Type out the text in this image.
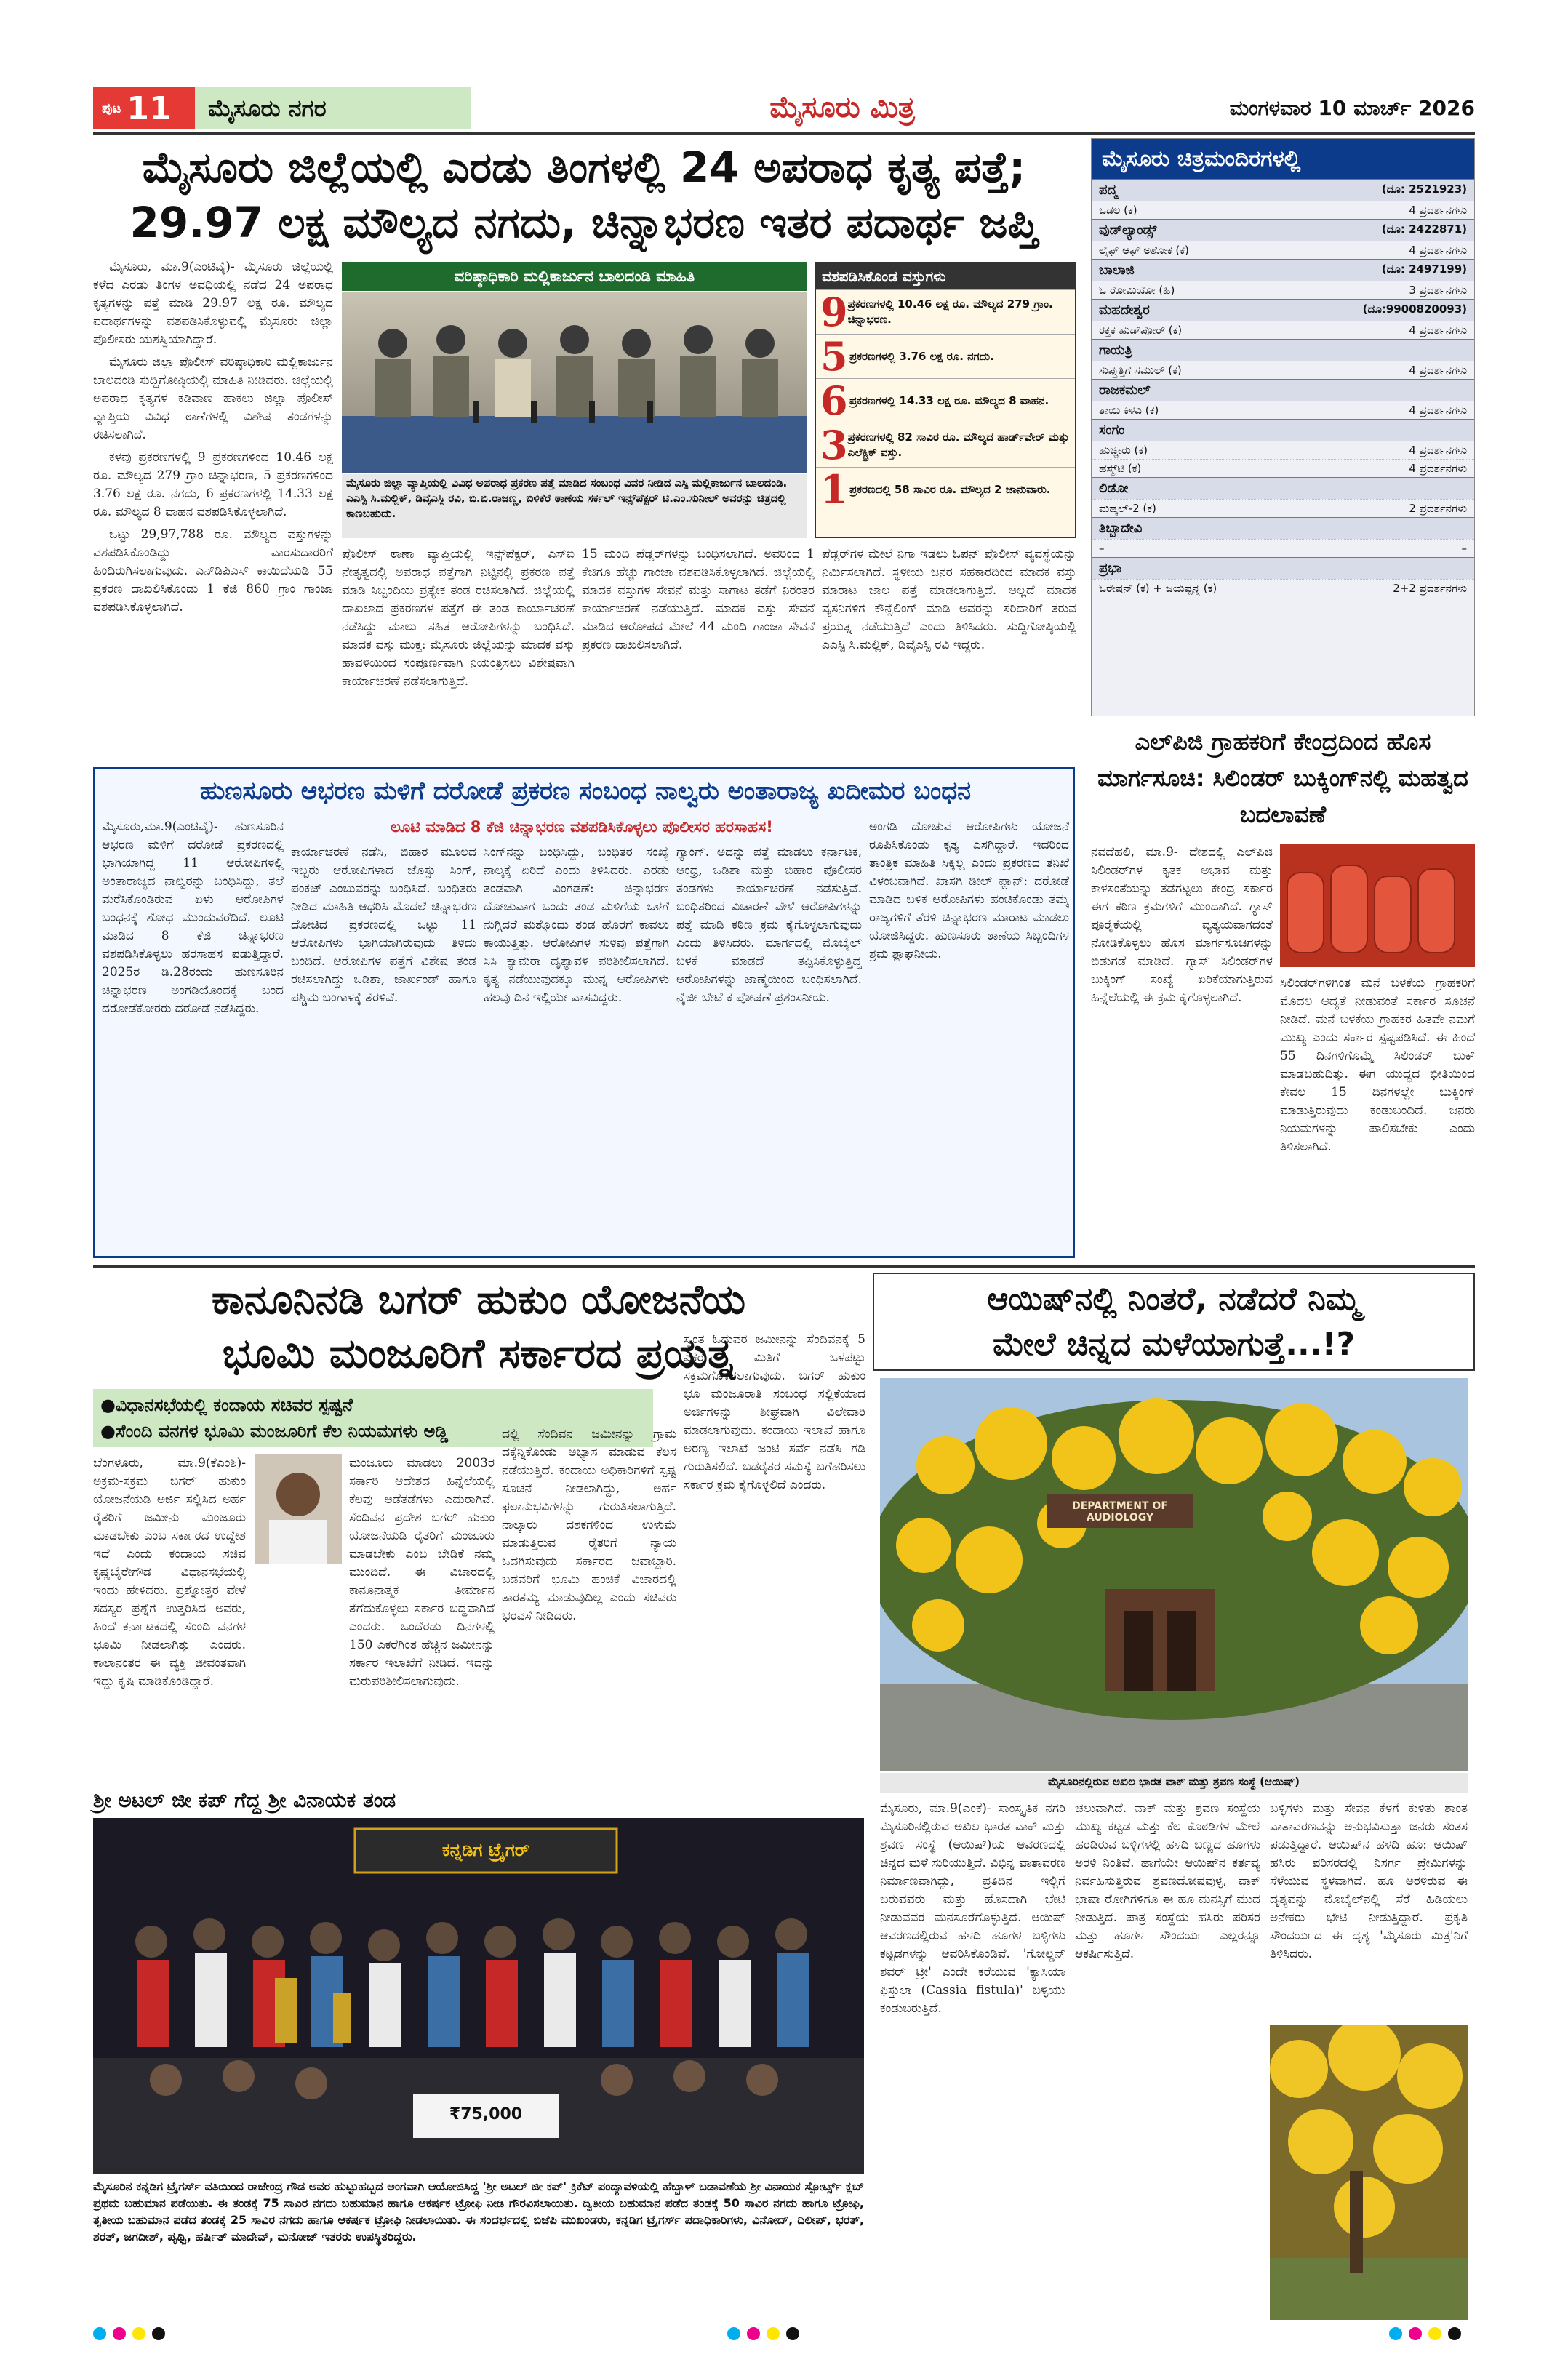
ಪುಟ 11 ಮೈಸೂರು ನಗರ	ಮೈಸೂರು ಮಿತ್ರ	ಮಂಗಳವಾರ 10 ಮಾರ್ಚ್ 2026
ಮೈಸೂರು ಜಿಲ್ಲೆಯಲ್ಲಿ ಎರಡು ತಿಂಗಳಲ್ಲಿ 24 ಅಪರಾಧ ಕೃತ್ಯ ಪತ್ತೆ;
29.97 ಲಕ್ಷ ಮೌಲ್ಯದ ನಗದು, ಚಿನ್ನಾಭರಣ ಇತರ ಪದಾರ್ಥ ಜಪ್ತಿ

ಮೈಸೂರು, ಮಾ.9(ಎಂಟಿವೈ)- ಮೈಸೂರು ಜಿಲ್ಲೆಯಲ್ಲಿ ಕಳೆದ ಎರಡು ತಿಂಗಳ ಅವಧಿಯಲ್ಲಿ ನಡೆದ 24 ಅಪರಾಧ ಕೃತ್ಯಗಳನ್ನು ಪತ್ತೆ ಮಾಡಿ 29.97 ಲಕ್ಷ ರೂ. ಮೌಲ್ಯದ ಪದಾರ್ಥಗಳನ್ನು ವಶಪಡಿಸಿಕೊಳ್ಳುವಲ್ಲಿ ಮೈಸೂರು ಜಿಲ್ಲಾ ಪೊಲೀಸರು ಯಶಸ್ವಿಯಾಗಿದ್ದಾರೆ.

ಮೈಸೂರು ಜಿಲ್ಲಾ ಪೊಲೀಸ್ ವರಿಷ್ಠಾಧಿಕಾರಿ ಮಲ್ಲಿಕಾರ್ಜುನ ಬಾಲದಂಡಿ ಸುದ್ದಿಗೋಷ್ಠಿಯಲ್ಲಿ ಮಾಹಿತಿ ನೀಡಿದರು. ಜಿಲ್ಲೆಯಲ್ಲಿ ಅಪರಾಧ ಕೃತ್ಯಗಳ ಕಡಿವಾಣ ಹಾಕಲು ಜಿಲ್ಲಾ ಪೊಲೀಸ್ ವ್ಯಾಪ್ತಿಯ ವಿವಿಧ ಠಾಣೆಗಳಲ್ಲಿ ವಿಶೇಷ ತಂಡಗಳನ್ನು ರಚಿಸಲಾಗಿದೆ.

ಕಳವು ಪ್ರಕರಣಗಳಲ್ಲಿ 9 ಪ್ರಕರಣಗಳಿಂದ 10.46 ಲಕ್ಷ ರೂ. ಮೌಲ್ಯದ 279 ಗ್ರಾಂ ಚಿನ್ನಾಭರಣ, 5 ಪ್ರಕರಣಗಳಿಂದ 3.76 ಲಕ್ಷ ರೂ. ನಗದು, 6 ಪ್ರಕರಣಗಳಲ್ಲಿ 14.33 ಲಕ್ಷ ರೂ. ಮೌಲ್ಯದ 8 ವಾಹನ ವಶಪಡಿಸಿಕೊಳ್ಳಲಾಗಿದೆ.

ಒಟ್ಟು 29,97,788 ರೂ. ಮೌಲ್ಯದ ವಸ್ತುಗಳನ್ನು ವಶಪಡಿಸಿಕೊಂಡಿದ್ದು ವಾರಸುದಾರರಿಗೆ ಹಿಂದಿರುಗಿಸಲಾಗುವುದು. ಎನ್‌ಡಿಪಿಎಸ್ ಕಾಯಿದೆಯಡಿ 55 ಪ್ರಕರಣ ದಾಖಲಿಸಿಕೊಂಡು 1 ಕೆಜಿ 860 ಗ್ರಾಂ ಗಾಂಜಾ ವಶಪಡಿಸಿಕೊಳ್ಳಲಾಗಿದೆ.

ವರಿಷ್ಠಾಧಿಕಾರಿ ಮಲ್ಲಿಕಾರ್ಜುನ ಬಾಲದಂಡಿ ಮಾಹಿತಿ
ಮೈಸೂರು ಜಿಲ್ಲಾ ವ್ಯಾಪ್ತಿಯಲ್ಲಿ ವಿವಿಧ ಅಪರಾಧ ಪ್ರಕರಣ ಪತ್ತೆ ಮಾಡಿದ ಸಂಬಂಧ ವಿವರ ನೀಡಿದ ಎಸ್ಪಿ ಮಲ್ಲಿಕಾರ್ಜುನ ಬಾಲದಂಡಿ. ಎಎಸ್ಪಿ ಸಿ.ಮಲ್ಲಿಕ್, ಡಿವೈಎಸ್ಪಿ ರವಿ, ಬಿ.ಬಿ.ರಾಜಣ್ಣ, ಬಿಳಿಕೆರೆ ಠಾಣೆಯ ಸರ್ಕಲ್ ಇನ್ಸ್‌ಪೆಕ್ಟರ್ ಟಿ.ಎಂ.ಸುನೀಲ್ ಅವರನ್ನು ಚಿತ್ರದಲ್ಲಿ ಕಾಣಬಹುದು.
ವಶಪಡಿಸಿಕೊಂಡ ವಸ್ತುಗಳು
9 ಪ್ರಕರಣಗಳಲ್ಲಿ 10.46 ಲಕ್ಷ ರೂ. ಮೌಲ್ಯದ 279 ಗ್ರಾಂ. ಚಿನ್ನಾಭರಣ.
5 ಪ್ರಕರಣಗಳಲ್ಲಿ 3.76 ಲಕ್ಷ ರೂ. ನಗದು.
6 ಪ್ರಕರಣಗಳಲ್ಲಿ 14.33 ಲಕ್ಷ ರೂ. ಮೌಲ್ಯದ 8 ವಾಹನ.
3 ಪ್ರಕರಣಗಳಲ್ಲಿ 82 ಸಾವಿರ ರೂ. ಮೌಲ್ಯದ ಹಾರ್ಡ್‌ವೇರ್ ಮತ್ತು ಎಲೆಕ್ಟ್ರಿಕ್ ವಸ್ತು.
1 ಪ್ರಕರಣದಲ್ಲಿ 58 ಸಾವಿರ ರೂ. ಮೌಲ್ಯದ 2 ಜಾನುವಾರು.
ಪೊಲೀಸ್ ಠಾಣಾ ವ್ಯಾಪ್ತಿಯಲ್ಲಿ ಇನ್ಸ್‌ಪೆಕ್ಟರ್, ಎಸ್‌ಐ ನೇತೃತ್ವದಲ್ಲಿ ಅಪರಾಧ ಪತ್ತೆಗಾಗಿ ನಿಟ್ಟಿನಲ್ಲಿ ಪ್ರಕರಣ ಪತ್ತೆ ಮಾಡಿ ಸಿಬ್ಬಂದಿಯ ಪ್ರತ್ಯೇಕ ತಂಡ ರಚಿಸಲಾಗಿದೆ. ಜಿಲ್ಲೆಯಲ್ಲಿ ದಾಖಲಾದ ಪ್ರಕರಣಗಳ ಪತ್ತೆಗೆ ಈ ತಂಡ ಕಾರ್ಯಾಚರಣೆ ನಡೆಸಿದ್ದು ಮಾಲು ಸಹಿತ ಆರೋಪಿಗಳನ್ನು ಬಂಧಿಸಿದೆ. ಮಾದಕ ವಸ್ತು ಮುಕ್ತ: ಮೈಸೂರು ಜಿಲ್ಲೆಯನ್ನು ಮಾದಕ ವಸ್ತು ಹಾವಳಿಯಿಂದ ಸಂಪೂರ್ಣವಾಗಿ ನಿಯಂತ್ರಿಸಲು ವಿಶೇಷವಾಗಿ ಕಾರ್ಯಾಚರಣೆ ನಡೆಸಲಾಗುತ್ತಿದೆ.
15 ಮಂದಿ ಪೆಡ್ಲರ್‌ಗಳನ್ನು ಬಂಧಿಸಲಾಗಿದೆ. ಅವರಿಂದ 1 ಕೆಜಿಗೂ ಹೆಚ್ಚು ಗಾಂಜಾ ವಶಪಡಿಸಿಕೊಳ್ಳಲಾಗಿದೆ. ಜಿಲ್ಲೆಯಲ್ಲಿ ಮಾದಕ ವಸ್ತುಗಳ ಸೇವನೆ ಮತ್ತು ಸಾಗಾಟ ತಡೆಗೆ ನಿರಂತರ ಕಾರ್ಯಾಚರಣೆ ನಡೆಯುತ್ತಿದೆ. ಮಾದಕ ವಸ್ತು ಸೇವನೆ ಮಾಡಿದ ಆರೋಪದ ಮೇಲೆ 44 ಮಂದಿ ಗಾಂಜಾ ಸೇವನೆ ಪ್ರಕರಣ ದಾಖಲಿಸಲಾಗಿದೆ.
ಪೆಡ್ಲರ್‌ಗಳ ಮೇಲೆ ನಿಗಾ ಇಡಲು ಓಪನ್ ಪೊಲೀಸ್ ವ್ಯವಸ್ಥೆಯನ್ನು ನಿರ್ಮಿಸಲಾಗಿದೆ. ಸ್ಥಳೀಯ ಜನರ ಸಹಕಾರದಿಂದ ಮಾದಕ ವಸ್ತು ಮಾರಾಟ ಜಾಲ ಪತ್ತೆ ಮಾಡಲಾಗುತ್ತಿದೆ. ಅಲ್ಲದೆ ಮಾದಕ ವ್ಯಸನಿಗಳಿಗೆ ಕೌನ್ಸೆಲಿಂಗ್ ಮಾಡಿ ಅವರನ್ನು ಸರಿದಾರಿಗೆ ತರುವ ಪ್ರಯತ್ನ ನಡೆಯುತ್ತಿದೆ ಎಂದು ತಿಳಿಸಿದರು. ಸುದ್ದಿಗೋಷ್ಠಿಯಲ್ಲಿ ಎಎಸ್ಪಿ ಸಿ.ಮಲ್ಲಿಕ್, ಡಿವೈಎಸ್ಪಿ ರವಿ ಇದ್ದರು.
ಮೈಸೂರು ಚಿತ್ರಮಂದಿರಗಳಲ್ಲಿ
ಪದ್ಮ	(ದೂ: 2521923)
ಒಡಲ (ಕ)	4 ಪ್ರದರ್ಶನಗಳು
ವುಡ್‌ಲ್ಯಾಂಡ್ಸ್	(ದೂ: 2422871)
ಲೈಫ್ ಆಫ್ ಅಶೋಕ (ಕ)	4 ಪ್ರದರ್ಶನಗಳು
ಬಾಲಾಜಿ	(ದೂ: 2497199)
ಓ ರೋಮಿಯೋ (ಹಿ)	3 ಪ್ರದರ್ಶನಗಳು
ಮಹದೇಶ್ವರ	(ದೂ:9900820093)
ರಕ್ತಕ ಹುಡ್‌ಪೋರ್ (ಕ)	4 ಪ್ರದರ್ಶನಗಳು
ಗಾಯತ್ರಿ
ಸುಪ್ತುತ್ತಿಗೆ ಸಮುಲ್ (ಕ)	4 ಪ್ರದರ್ಶನಗಳು
ರಾಜಕಮಲ್
ತಾಯಿ ಕಿಳವಿ (ಕ)	4 ಪ್ರದರ್ಶನಗಳು
ಸಂಗಂ
ಹುಚ್ಚೀರು (ಕ)	4 ಪ್ರದರ್ಶನಗಳು
ಹಸ್ಮ್‌ಟಿ (ಕ)	4 ಪ್ರದರ್ಶನಗಳು
ಲಿಡೋ
ಮಹ್ಕಲ್-2 (ಕ)	2 ಪ್ರದರ್ಶನಗಳು
ತಿಬ್ಬಾದೇವಿ
–	–
ಪ್ರಭಾ
ಓರೇಷನ್ (ಕ) + ಜಯಪ್ಪನ್ನ (ಕ)	2+2 ಪ್ರದರ್ಶನಗಳು
ಎಲ್‌ಪಿಜಿ ಗ್ರಾಹಕರಿಗೆ ಕೇಂದ್ರದಿಂದ ಹೊಸ ಮಾರ್ಗಸೂಚಿ: ಸಿಲಿಂಡರ್ ಬುಕ್ಕಿಂಗ್‌ನಲ್ಲಿ ಮಹತ್ವದ ಬದಲಾವಣೆ
ನವದೆಹಲಿ, ಮಾ.9- ದೇಶದಲ್ಲಿ ಎಲ್‌ಪಿಜಿ ಸಿಲಿಂಡರ್‌ಗಳ ಕೃತಕ ಅಭಾವ ಮತ್ತು ಕಾಳಸಂತೆಯನ್ನು ತಡೆಗಟ್ಟಲು ಕೇಂದ್ರ ಸರ್ಕಾರ ಈಗ ಕಠಿಣ ಕ್ರಮಗಳಿಗೆ ಮುಂದಾಗಿದೆ. ಗ್ಯಾಸ್ ಪೂರೈಕೆಯಲ್ಲಿ ವ್ಯತ್ಯಯವಾಗದಂತೆ ನೋಡಿಕೊಳ್ಳಲು ಹೊಸ ಮಾರ್ಗಸೂಚಿಗಳನ್ನು ಬಿಡುಗಡೆ ಮಾಡಿದೆ. ಗ್ಯಾಸ್ ಸಿಲಿಂಡರ್‌ಗಳ ಬುಕ್ಕಿಂಗ್ ಸಂಖ್ಯೆ ಏರಿಕೆಯಾಗುತ್ತಿರುವ ಹಿನ್ನೆಲೆಯಲ್ಲಿ ಈ ಕ್ರಮ ಕೈಗೊಳ್ಳಲಾಗಿದೆ.
ಸಿಲಿಂಡರ್‌ಗಳಿಗಿಂತ ಮನೆ ಬಳಕೆಯ ಗ್ರಾಹಕರಿಗೆ ಮೊದಲ ಆದ್ಯತೆ ನೀಡುವಂತೆ ಸರ್ಕಾರ ಸೂಚನೆ ನೀಡಿದೆ. ಮನೆ ಬಳಕೆಯ ಗ್ರಾಹಕರ ಹಿತವೇ ನಮಗೆ ಮುಖ್ಯ ಎಂದು ಸರ್ಕಾರ ಸ್ಪಷ್ಟಪಡಿಸಿದೆ. ಈ ಹಿಂದೆ 55 ದಿನಗಳಿಗೊಮ್ಮೆ ಸಿಲಿಂಡರ್ ಬುಕ್ ಮಾಡಬಹುದಿತ್ತು. ಈಗ ಯುದ್ಧದ ಭೀತಿಯಿಂದ ಕೇವಲ 15 ದಿನಗಳಲ್ಲೇ ಬುಕ್ಕಿಂಗ್ ಮಾಡುತ್ತಿರುವುದು ಕಂಡುಬಂದಿದೆ. ಜನರು ನಿಯಮಗಳನ್ನು ಪಾಲಿಸಬೇಕು ಎಂದು ತಿಳಿಸಲಾಗಿದೆ.
ಹುಣಸೂರು ಆಭರಣ ಮಳಿಗೆ ದರೋಡೆ ಪ್ರಕರಣ ಸಂಬಂಧ ನಾಲ್ವರು ಅಂತಾರಾಜ್ಯ ಖದೀಮರ ಬಂಧನ
ಲೂಟಿ ಮಾಡಿದ 8 ಕೆಜಿ ಚಿನ್ನಾಭರಣ ವಶಪಡಿಸಿಕೊಳ್ಳಲು ಪೊಲೀಸರ ಹರಸಾಹಸ!
ಮೈಸೂರು,ಮಾ.9(ಎಂಟಿವೈ)- ಹುಣಸೂರಿನ ಆಭರಣ ಮಳಿಗೆ ದರೋಡೆ ಪ್ರಕರಣದಲ್ಲಿ ಭಾಗಿಯಾಗಿದ್ದ 11 ಆರೋಪಿಗಳಲ್ಲಿ ಅಂತಾರಾಜ್ಯದ ನಾಲ್ವರನ್ನು ಬಂಧಿಸಿದ್ದು, ತಲೆ ಮರೆಸಿಕೊಂಡಿರುವ ಏಳು ಆರೋಪಿಗಳ ಬಂಧನಕ್ಕೆ ಶೋಧ ಮುಂದುವರೆದಿದೆ. ಲೂಟಿ ಮಾಡಿದ 8 ಕೆಜಿ ಚಿನ್ನಾಭರಣ ವಶಪಡಿಸಿಕೊಳ್ಳಲು ಹರಸಾಹಸ ಪಡುತ್ತಿದ್ದಾರೆ. 2025ರ ಡಿ.28ರಂದು ಹುಣಸೂರಿನ ಚಿನ್ನಾಭರಣ ಅಂಗಡಿಯೊಂದಕ್ಕೆ ಬಂದ ದರೋಡೆಕೋರರು ದರೋಡೆ ನಡೆಸಿದ್ದರು.
ಕಾರ್ಯಾಚರಣೆ ನಡೆಸಿ, ಬಿಹಾರ ಮೂಲದ ಇಬ್ಬರು ಆರೋಪಿಗಳಾದ ಜೊಸ್ಸು ಸಿಂಗ್, ಪಂಕಜ್ ಎಂಬುವರನ್ನು ಬಂಧಿಸಿದೆ. ಬಂಧಿತರು ನೀಡಿದ ಮಾಹಿತಿ ಆಧರಿಸಿ ಮೊದಲೆ ಚಿನ್ನಾಭರಣ ದೋಚಿದ ಪ್ರಕರಣದಲ್ಲಿ ಒಟ್ಟು 11 ಆರೋಪಿಗಳು ಭಾಗಿಯಾಗಿರುವುದು ತಿಳಿದು ಬಂದಿದೆ. ಆರೋಪಿಗಳ ಪತ್ತೆಗೆ ವಿಶೇಷ ತಂಡ ರಚಿಸಲಾಗಿದ್ದು ಒಡಿಶಾ, ಜಾರ್ಖಂಡ್ ಹಾಗೂ ಪಶ್ಚಿಮ ಬಂಗಾಳಕ್ಕೆ ತೆರಳಿವೆ.
ಸಿಂಗ್‌ನನ್ನು ಬಂಧಿಸಿದ್ದು, ಬಂಧಿತರ ಸಂಖ್ಯೆ ನಾಲ್ಕಕ್ಕೆ ಏರಿದೆ ಎಂದು ತಿಳಿಸಿದರು. ಎರಡು ತಂಡವಾಗಿ ವಿಂಗಡಣೆ: ಚಿನ್ನಾಭರಣ ದೋಚುವಾಗ ಒಂದು ತಂಡ ಮಳಿಗೆಯ ಒಳಗೆ ನುಗ್ಗಿದರೆ ಮತ್ತೊಂದು ತಂಡ ಹೊರಗೆ ಕಾವಲು ಕಾಯುತ್ತಿತ್ತು. ಆರೋಪಿಗಳ ಸುಳಿವು ಪತ್ತೆಗಾಗಿ ಸಿಸಿ ಕ್ಯಾಮರಾ ದೃಶ್ಯಾವಳಿ ಪರಿಶೀಲಿಸಲಾಗಿದೆ. ಕೃತ್ಯ ನಡೆಯುವುದಕ್ಕೂ ಮುನ್ನ ಆರೋಪಿಗಳು ಹಲವು ದಿನ ಇಲ್ಲಿಯೇ ವಾಸವಿದ್ದರು.
ಗ್ಯಾಂಗ್. ಅದನ್ನು ಪತ್ತೆ ಮಾಡಲು ಕರ್ನಾಟಕ, ಆಂಧ್ರ, ಒಡಿಶಾ ಮತ್ತು ಬಿಹಾರ ಪೊಲೀಸರ ತಂಡಗಳು ಕಾರ್ಯಾಚರಣೆ ನಡೆಸುತ್ತಿವೆ. ಬಂಧಿತರಿಂದ ವಿಚಾರಣೆ ವೇಳೆ ಆರೋಪಿಗಳನ್ನು ಪತ್ತೆ ಮಾಡಿ ಕಠಿಣ ಕ್ರಮ ಕೈಗೊಳ್ಳಲಾಗುವುದು ಎಂದು ತಿಳಿಸಿದರು. ಮಾರ್ಗದಲ್ಲಿ ಮೊಬೈಲ್ ಬಳಕೆ ಮಾಡದೆ ತಪ್ಪಿಸಿಕೊಳ್ಳುತ್ತಿದ್ದ ಆರೋಪಿಗಳನ್ನು ಜಾಣ್ಮೆಯಿಂದ ಬಂಧಿಸಲಾಗಿದೆ. ನೈಜೀ ಬೇಟೆ ಕ ಪೋಷಣೆ ಪ್ರಶಂಸನೀಯ.
ಅಂಗಡಿ ದೋಚುವ ಆರೋಪಿಗಳು ಯೋಜನೆ ರೂಪಿಸಿಕೊಂಡು ಕೃತ್ಯ ಎಸಗಿದ್ದಾರೆ. ಇದರಿಂದ ತಾಂತ್ರಿಕ ಮಾಹಿತಿ ಸಿಕ್ಕಿಲ್ಲ ಎಂದು ಪ್ರಕರಣದ ತನಿಖೆ ವಿಳಂಬವಾಗಿದೆ. ಖಾಸಗಿ ಡೀಲ್ ಪ್ಲಾನ್: ದರೋಡೆ ಮಾಡಿದ ಬಳಿಕ ಆರೋಪಿಗಳು ಹಂಚಿಕೊಂಡು ತಮ್ಮ ರಾಜ್ಯಗಳಿಗೆ ತೆರಳಿ ಚಿನ್ನಾಭರಣ ಮಾರಾಟ ಮಾಡಲು ಯೋಜಿಸಿದ್ದರು. ಹುಣಸೂರು ಠಾಣೆಯ ಸಿಬ್ಬಂದಿಗಳ ಶ್ರಮ ಶ್ಲಾಘನೀಯ.
ಕಾನೂನಿನಡಿ ಬಗರ್ ಹುಕುಂ ಯೋಜನೆಯ
ಭೂಮಿ ಮಂಜೂರಿಗೆ ಸರ್ಕಾರದ ಪ್ರಯತ್ನ
●ವಿಧಾನಸಭೆಯಲ್ಲಿ ಕಂದಾಯ ಸಚಿವರ ಸ್ಪಷ್ಟನೆ
●ಸೆಂಂದಿ ವನಗಳ ಭೂಮಿ ಮಂಜೂರಿಗೆ ಕೆಲ ನಿಯಮಗಳು ಅಡ್ಡಿ
ಬೆಂಗಳೂರು, ಮಾ.9(ಕೆಎಂಶಿ)- ಅಕ್ರಮ-ಸಕ್ರಮ ಬಗರ್ ಹುಕುಂ ಯೋಜನೆಯಡಿ ಅರ್ಜಿ ಸಲ್ಲಿಸಿದ ಅರ್ಹ ರೈತರಿಗೆ ಜಮೀನು ಮಂಜೂರು ಮಾಡಬೇಕು ಎಂಬ ಸರ್ಕಾರದ ಉದ್ದೇಶ ಇದೆ ಎಂದು ಕಂದಾಯ ಸಚಿವ ಕೃಷ್ಣಬೈರೇಗೌಡ ವಿಧಾನಸಭೆಯಲ್ಲಿ ಇಂದು ಹೇಳಿದರು. ಪ್ರಶ್ನೋತ್ತರ ವೇಳೆ ಸದಸ್ಯರ ಪ್ರಶ್ನೆಗೆ ಉತ್ತರಿಸಿದ ಅವರು, ಹಿಂದೆ ಕರ್ನಾಟಕದಲ್ಲಿ ಸೆಂಂದಿ ವನಗಳ ಭೂಮಿ ನೀಡಲಾಗಿತ್ತು ಎಂದರು. ಕಾಲಾನಂತರ ಈ ವ್ಯಕ್ತಿ ಜೀವಂತವಾಗಿ ಇದ್ದು ಕೃಷಿ ಮಾಡಿಕೊಂಡಿದ್ದಾರೆ.
ಮಂಜೂರು ಮಾಡಲು 2003ರ ಸರ್ಕಾರಿ ಆದೇಶದ ಹಿನ್ನೆಲೆಯಲ್ಲಿ ಕೆಲವು ಅಡೆತಡೆಗಳು ಎದುರಾಗಿವೆ. ಸೆಂದಿವನ ಪ್ರದೇಶ ಬಗರ್ ಹುಕುಂ ಯೋಜನೆಯಡಿ ರೈತರಿಗೆ ಮಂಜೂರು ಮಾಡಬೇಕು ಎಂಬ ಬೇಡಿಕೆ ನಮ್ಮ ಮುಂದಿದೆ. ಈ ವಿಚಾರದಲ್ಲಿ ಕಾನೂನಾತ್ಮಕ ತೀರ್ಮಾನ ತೆಗೆದುಕೊಳ್ಳಲು ಸರ್ಕಾರ ಬದ್ಧವಾಗಿದೆ ಎಂದರು. ಒಂದೆರಡು ದಿನಗಳಲ್ಲಿ 150 ಎಕರೆಗಿಂತ ಹೆಚ್ಚಿನ ಜಮೀನನ್ನು ಸರ್ಕಾರ ಇಲಾಖೆಗೆ ನೀಡಿದೆ. ಇದನ್ನು ಮರುಪರಿಶೀಲಿಸಲಾಗುವುದು.
ದಲ್ಲಿ ಸೆಂದಿವನ ಜಮೀನನ್ನು ಗ್ರಾಮ ದಕ್ಕೆನ್ನಿಕೊಂಡು ಅಭ್ಯಾಸ ಮಾಡುವ ಕೆಲಸ ನಡೆಯುತ್ತಿದೆ. ಕಂದಾಯ ಅಧಿಕಾರಿಗಳಿಗೆ ಸ್ಪಷ್ಟ ಸೂಚನೆ ನೀಡಲಾಗಿದ್ದು, ಅರ್ಹ ಫಲಾನುಭವಿಗಳನ್ನು ಗುರುತಿಸಲಾಗುತ್ತಿದೆ. ನಾಲ್ಕಾರು ದಶಕಗಳಿಂದ ಉಳುಮೆ ಮಾಡುತ್ತಿರುವ ರೈತರಿಗೆ ನ್ಯಾಯ ಒದಗಿಸುವುದು ಸರ್ಕಾರದ ಜವಾಬ್ದಾರಿ. ಬಡವರಿಗೆ ಭೂಮಿ ಹಂಚಿಕೆ ವಿಚಾರದಲ್ಲಿ ತಾರತಮ್ಯ ಮಾಡುವುದಿಲ್ಲ ಎಂದು ಸಚಿವರು ಭರವಸೆ ನೀಡಿದರು.
ಸ್ವಂತ ಓದುವರ ಜಮೀನನ್ನು ಸೆಂದಿವನಕ್ಕೆ 5 ಎಕರೆ ಮಿತಿಗೆ ಒಳಪಟ್ಟು ಸಕ್ರಮಗೊಳಿಸಲಾಗುವುದು. ಬಗರ್ ಹುಕುಂ ಭೂ ಮಂಜೂರಾತಿ ಸಂಬಂಧ ಸಲ್ಲಿಕೆಯಾದ ಅರ್ಜಿಗಳನ್ನು ಶೀಘ್ರವಾಗಿ ವಿಲೇವಾರಿ ಮಾಡಲಾಗುವುದು. ಕಂದಾಯ ಇಲಾಖೆ ಹಾಗೂ ಅರಣ್ಯ ಇಲಾಖೆ ಜಂಟಿ ಸರ್ವೆ ನಡೆಸಿ ಗಡಿ ಗುರುತಿಸಲಿದೆ. ಬಡರೈತರ ಸಮಸ್ಯೆ ಬಗೆಹರಿಸಲು ಸರ್ಕಾರ ಕ್ರಮ ಕೈಗೊಳ್ಳಲಿದೆ ಎಂದರು.
ಶ್ರೀ ಅಟಲ್ ಜೀ ಕಪ್ ಗೆದ್ದ ಶ್ರೀ ವಿನಾಯಕ ತಂಡ
ಕನ್ನಡಿಗ ಟ್ರೈಗರ್
₹75,000
ಮೈಸೂರಿನ ಕನ್ನಡಿಗ ಟ್ರೈಗರ್ಸ್ ವತಿಯಿಂದ ರಾಜೇಂದ್ರ ಗೌಡ ಅವರ ಹುಟ್ಟುಹಬ್ಬದ ಅಂಗವಾಗಿ ಆಯೋಜಿಸಿದ್ದ 'ಶ್ರೀ ಅಟಲ್ ಜೀ ಕಪ್' ಕ್ರಿಕೆಟ್ ಪಂದ್ಯಾವಳಿಯಲ್ಲಿ ಹೆಬ್ಬಾಳ್ ಬಡಾವಣೆಯ ಶ್ರೀ ವಿನಾಯಕ ಸ್ಪೋರ್ಟ್ಸ್ ಕ್ಲಬ್ ಪ್ರಥಮ ಬಹುಮಾನ ಪಡೆಯಿತು. ಈ ತಂಡಕ್ಕೆ 75 ಸಾವಿರ ನಗದು ಬಹುಮಾನ ಹಾಗೂ ಆಕರ್ಷಕ ಟ್ರೋಫಿ ನೀಡಿ ಗೌರವಿಸಲಾಯಿತು. ದ್ವಿತೀಯ ಬಹುಮಾನ ಪಡೆದ ತಂಡಕ್ಕೆ 50 ಸಾವಿರ ನಗದು ಹಾಗೂ ಟ್ರೋಫಿ, ತೃತೀಯ ಬಹುಮಾನ ಪಡೆದ ತಂಡಕ್ಕೆ 25 ಸಾವಿರ ನಗದು ಹಾಗೂ ಆಕರ್ಷಕ ಟ್ರೋಫಿ ನೀಡಲಾಯಿತು. ಈ ಸಂದರ್ಭದಲ್ಲಿ ಬಿಜೆಪಿ ಮುಖಂಡರು, ಕನ್ನಡಿಗ ಟ್ರೈಗರ್ಸ್ ಪದಾಧಿಕಾರಿಗಳು, ವಿನೋದ್, ದಿಲೀಪ್, ಭರತ್, ಶರತ್, ಜಗದೀಶ್, ಪೃಥ್ವಿ, ಹರ್ಷಿತ್ ಮಾದೇವ್, ಮನೋಜ್ ಇತರರು ಉಪಸ್ಥಿತರಿದ್ದರು.
ಆಯಿಷ್‌ನಲ್ಲಿ ನಿಂತರೆ, ನಡೆದರೆ ನಿಮ್ಮ
ಮೇಲೆ ಚಿನ್ನದ ಮಳೆಯಾಗುತ್ತೆ...!?
DEPARTMENT OF AUDIOLOGY
ಮೈಸೂರಿನಲ್ಲಿರುವ ಅಖಿಲ ಭಾರತ ವಾಕ್ ಮತ್ತು ಶ್ರವಣ ಸಂಸ್ಥೆ (ಆಯಿಷ್)
ಮೈಸೂರು, ಮಾ.9(ಎಂಕೆ)- ಸಾಂಸ್ಕೃತಿಕ ನಗರಿ ಮೈಸೂರಿನಲ್ಲಿರುವ ಅಖಿಲ ಭಾರತ ವಾಕ್ ಮತ್ತು ಶ್ರವಣ ಸಂಸ್ಥೆ (ಆಯಿಷ್)ಯ ಆವರಣದಲ್ಲಿ ಚಿನ್ನದ ಮಳೆ ಸುರಿಯುತ್ತಿದೆ. ವಿಭಿನ್ನ ವಾತಾವರಣ ನಿರ್ಮಾಣವಾಗಿದ್ದು, ಪ್ರತಿದಿನ ಇಲ್ಲಿಗೆ ಬರುವವರು ಮತ್ತು ಹೊಸದಾಗಿ ಭೇಟಿ ನೀಡುವವರ ಮನಸೂರೆಗೊಳ್ಳುತ್ತಿದೆ. ಆಯಿಷ್ ಆವರಣದಲ್ಲಿರುವ ಹಳದಿ ಹೂಗಳ ಬಳ್ಳಿಗಳು ಕಟ್ಟಡಗಳನ್ನು ಆವರಿಸಿಕೊಂಡಿವೆ. 'ಗೋಲ್ಡನ್ ಶವರ್ ಟ್ರೀ' ಎಂದೇ ಕರೆಯುವ 'ಕ್ಯಾಸಿಯಾ ಫಿಸ್ತುಲಾ (Cassia fistula)' ಬಳ್ಳಿಯು ಕಂಡುಬರುತ್ತಿದೆ.
ಚಲುವಾಗಿದೆ. ವಾಕ್ ಮತ್ತು ಶ್ರವಣ ಸಂಸ್ಥೆಯ ಮುಖ್ಯ ಕಟ್ಟಡ ಮತ್ತು ಕೆಲ ಕೊಠಡಿಗಳ ಮೇಲೆ ಹರಡಿರುವ ಬಳ್ಳಿಗಳಲ್ಲಿ ಹಳದಿ ಬಣ್ಣದ ಹೂಗಳು ಅರಳಿ ನಿಂತಿವೆ. ಹಾಗೆಯೇ ಆಯಿಷ್‌ನ ಕರ್ತವ್ಯ ನಿರ್ವಹಿಸುತ್ತಿರುವ ಶ್ರವಣದೋಷವುಳ್ಳ, ವಾಕ್ ಭಾಷಾ ರೋಗಿಗಳಿಗೂ ಈ ಹೂ ಮನಸ್ಸಿಗೆ ಮುದ ನೀಡುತ್ತಿದೆ. ಪಾತ್ರ ಸಂಸ್ಥೆಯ ಹಸಿರು ಪರಿಸರ ಮತ್ತು ಹೂಗಳ ಸೌಂದರ್ಯ ಎಲ್ಲರನ್ನೂ ಆಕರ್ಷಿಸುತ್ತಿದೆ.
ಬಳ್ಳಿಗಳು ಮತ್ತು ಸೇವನ ಕೆಳಗೆ ಕುಳಿತು ಶಾಂತ ವಾತಾವರಣವನ್ನು ಅನುಭವಿಸುತ್ತಾ ಜನರು ಸಂತಸ ಪಡುತ್ತಿದ್ದಾರೆ. ಆಯಿಷ್‌ನ ಹಳದಿ ಹೂ: ಆಯಿಷ್ ಹಸಿರು ಪರಿಸರದಲ್ಲಿ ನಿಸರ್ಗ ಪ್ರೇಮಿಗಳನ್ನು ಸೆಳೆಯುವ ಸ್ಥಳವಾಗಿದೆ. ಹೂ ಅರಳಿರುವ ಈ ದೃಶ್ಯವನ್ನು ಮೊಬೈಲ್‌ನಲ್ಲಿ ಸೆರೆ ಹಿಡಿಯಲು ಅನೇಕರು ಭೇಟಿ ನೀಡುತ್ತಿದ್ದಾರೆ. ಪ್ರಕೃತಿ ಸೌಂದರ್ಯದ ಈ ದೃಶ್ಯ 'ಮೈಸೂರು ಮಿತ್ರ'ನಿಗೆ ತಿಳಿಸಿದರು.
